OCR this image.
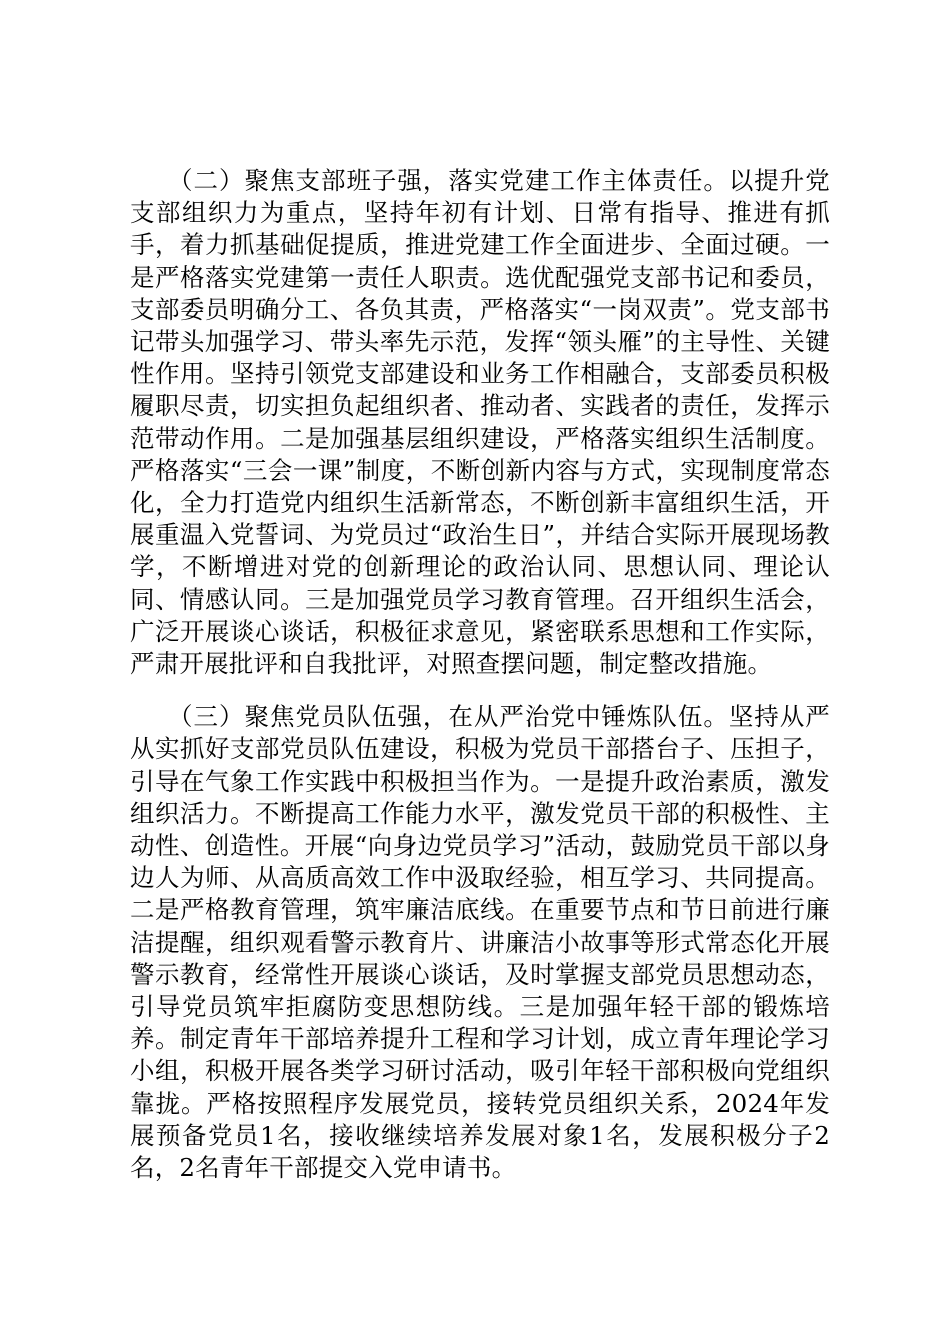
（二）聚焦支部班子强，落实党建工作主体责任。以提升党支部组织力为重点，坚持年初有计划、日常有指导、推进有抓手，着力抓基础促提质，推进党建工作全面进步、全面过硬。一是严格落实党建第一责任人职责。选优配强党支部书记和委员，支部委员明确分工、各负其责，严格落实“一岗双责”。党支部书记带头加强学习、带头率先示范，发挥“领头雁”的主导性、关键性作用。坚持引领党支部建设和业务工作相融合，支部委员积极履职尽责，切实担负起组织者、推动者、实践者的责任，发挥示范带动作用。二是加强基层组织建设，严格落实组织生活制度。严格落实“三会一课”制度，不断创新内容与方式，实现制度常态化，全力打造党内组织生活新常态，不断创新丰富组织生活，开展重温入党誓词、为党员过“政治生日”，并结合实际开展现场教学，不断增进对党的创新理论的政治认同、思想认同、理论认同、情感认同。三是加强党员学习教育管理。召开组织生活会，广泛开展谈心谈话，积极征求意见，紧密联系思想和工作实际，严肃开展批评和自我批评，对照查摆问题，制定整改措施。

（三）聚焦党员队伍强，在从严治党中锤炼队伍。坚持从严从实抓好支部党员队伍建设，积极为党员干部搭台子、压担子，引导在气象工作实践中积极担当作为。一是提升政治素质，激发组织活力。不断提高工作能力水平，激发党员干部的积极性、主动性、创造性。开展“向身边党员学习”活动，鼓励党员干部以身边人为师、从高质高效工作中汲取经验，相互学习、共同提高。二是严格教育管理，筑牢廉洁底线。在重要节点和节日前进行廉洁提醒，组织观看警示教育片、讲廉洁小故事等形式常态化开展警示教育，经常性开展谈心谈话，及时掌握支部党员思想动态，引导党员筑牢拒腐防变思想防线。三是加强年轻干部的锻炼培养。制定青年干部培养提升工程和学习计划，成立青年理论学习小组，积极开展各类学习研讨活动，吸引年轻干部积极向党组织靠拢。严格按照程序发展党员，接转党员组织关系，2024年发展预备党员1名，接收继续培养发展对象1名，发展积极分子2名，2名青年干部提交入党申请书。
